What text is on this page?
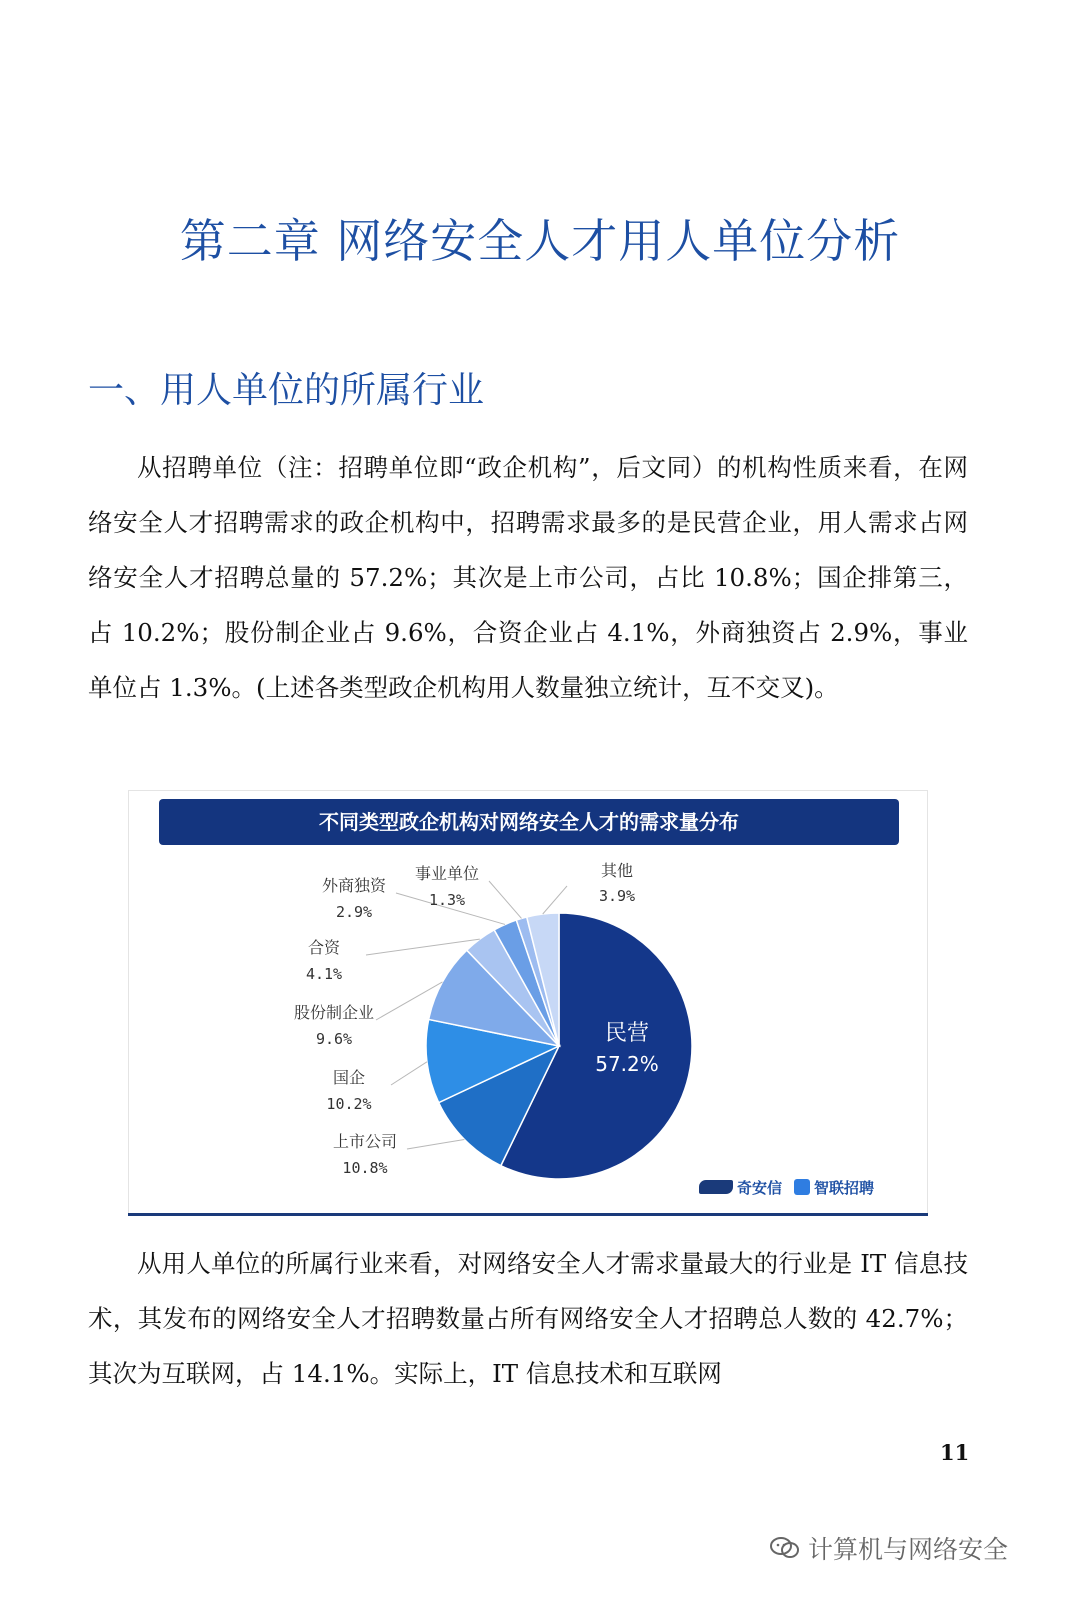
第二章 网络安全人才用人单位分析
一、用人单位的所属行业

从招聘单位（注：招聘单位即“政企机构”，后文同）的机构性质来看，在网络安全人才招聘需求的政企机构中，招聘需求最多的是民营企业，用人需求占网络安全人才招聘总量的 57.2%；其次是上市公司，占比 10.8%；国企排第三，占 10.2%；股份制企业占 9.6%，合资企业占 4.1%，外商独资占 2.9%，事业单位占 1.3%。(上述各类型政企机构用人数量独立统计，互不交叉)。

不同类型政企机构对网络安全人才的需求量分布
民营
57.2%
上市公司
10.8%
国企
10.2%
股份制企业
9.6%
合资
4.1%
外商独资
2.9%
事业单位
1.3%
其他
3.9%
奇安信 智联招聘

从用人单位的所属行业来看，对网络安全人才需求量最大的行业是 IT 信息技术，其发布的网络安全人才招聘数量占所有网络安全人才招聘总人数的 42.7%；其次为互联网，占 14.1%。实际上，IT 信息技术和互联网

11
计算机与网络安全
